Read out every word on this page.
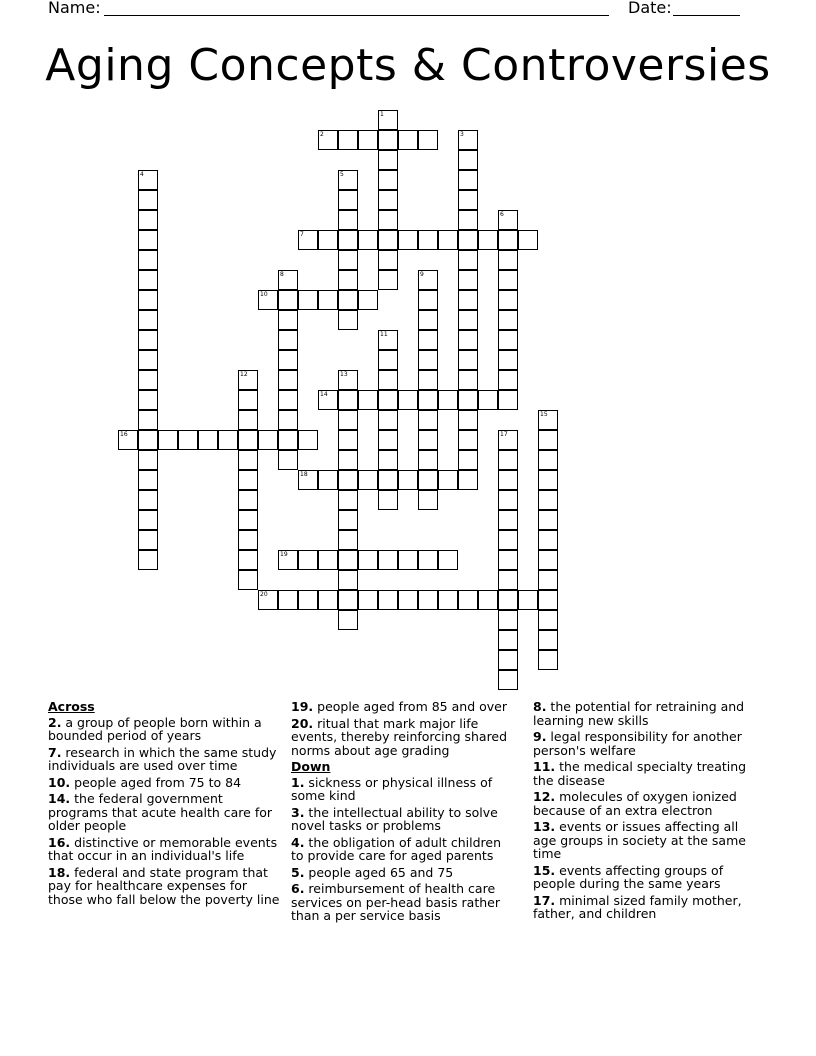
Name:	Date:
Aging Concepts & Controversies
1
2	3
4	5
6
7
8	9
10
11
12	13
14
15
16	17
18
19
20
Across
2. a group of people born within a bounded period of years
7. research in which the same study individuals are used over time
10. people aged from 75 to 84
14. the federal government programs that acute health care for older people
16. distinctive or memorable events that occur in an individual's life
18. federal and state program that pay for healthcare expenses for those who fall below the poverty line
19. people aged from 85 and over
20. ritual that mark major life events, thereby reinforcing shared norms about age grading
Down
1. sickness or physical illness of some kind
3. the intellectual ability to solve novel tasks or problems
4. the obligation of adult children to provide care for aged parents
5. people aged 65 and 75
6. reimbursement of health care services on per-head basis rather than a per service basis
8. the potential for retraining and learning new skills
9. legal responsibility for another person's welfare
11. the medical specialty treating the disease
12. molecules of oxygen ionized because of an extra electron
13. events or issues affecting all age groups in society at the same time
15. events affecting groups of people during the same years
17. minimal sized family mother, father, and children
